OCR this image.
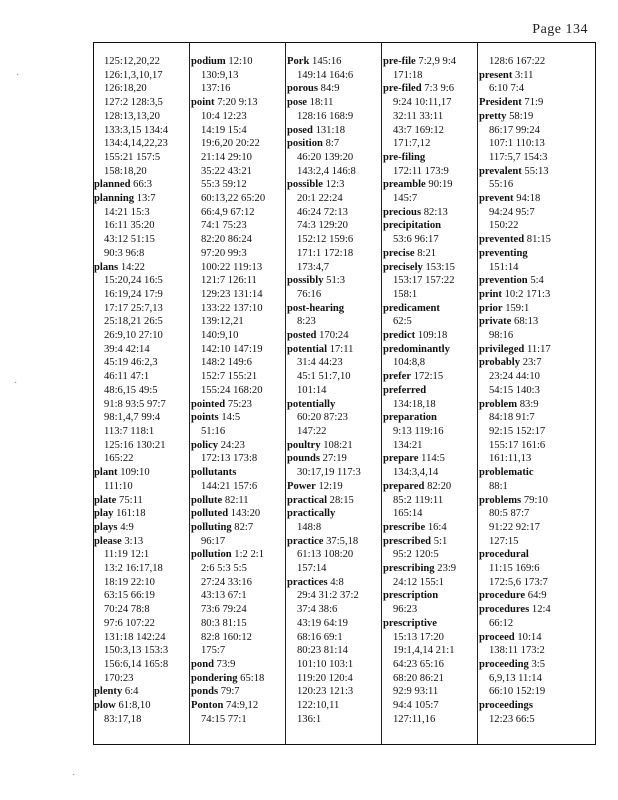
Page 134
·
·
·
125:12,20,22
126:1,3,10,17
126:18,20
127:2 128:3,5
128:13,13,20
133:3,15 134:4
134:4,14,22,23
155:21 157:5
158:18,20
planned 66:3
planning 13:7
14:21 15:3
16:11 35:20
43:12 51:15
90:3 96:8
plans 14:22
15:20,24 16:5
16:19,24 17:9
17:17 25:7,13
25:18,21 26:5
26:9,10 27:10
39:4 42:14
45:19 46:2,3
46:11 47:1
48:6,15 49:5
91:8 93:5 97:7
98:1,4,7 99:4
113:7 118:1
125:16 130:21
165:22
plant 109:10
111:10
plate 75:11
play 161:18
plays 4:9
please 3:13
11:19 12:1
13:2 16:17,18
18:19 22:10
63:15 66:19
70:24 78:8
97:6 107:22
131:18 142:24
150:3,13 153:3
156:6,14 165:8
170:23
plenty 6:4
plow 61:8,10
83:17,18
podium 12:10
130:9,13
137:16
point 7:20 9:13
10:4 12:23
14:19 15:4
19:6,20 20:22
21:14 29:10
35:22 43:21
55:3 59:12
60:13,22 65:20
66:4,9 67:12
74:1 75:23
82:20 86:24
97:20 99:3
100:22 119:13
121:7 126:11
129:23 131:14
133:22 137:10
139:12,21
140:9,10
142:10 147:19
148:2 149:6
152:7 155:21
155:24 168:20
pointed 75:23
points 14:5
51:16
policy 24:23
172:13 173:8
pollutants
144:21 157:6
pollute 82:11
polluted 143:20
polluting 82:7
96:17
pollution 1:2 2:1
2:6 5:3 5:5
27:24 33:16
43:13 67:1
73:6 79:24
80:3 81:15
82:8 160:12
175:7
pond 73:9
pondering 65:18
ponds 79:7
Ponton 74:9,12
74:15 77:1
Pork 145:16
149:14 164:6
porous 84:9
pose 18:11
128:16 168:9
posed 131:18
position 8:7
46:20 139:20
143:2,4 146:8
possible 12:3
20:1 22:24
46:24 72:13
74:3 129:20
152:12 159:6
171:1 172:18
173:4,7
possibly 51:3
76:16
post-hearing
8:23
posted 170:24
potential 17:11
31:4 44:23
45:1 51:7,10
101:14
potentially
60:20 87:23
147:22
poultry 108:21
pounds 27:19
30:17,19 117:3
Power 12:19
practical 28:15
practically
148:8
practice 37:5,18
61:13 108:20
157:14
practices 4:8
29:4 31:2 37:2
37:4 38:6
43:19 64:19
68:16 69:1
80:23 81:14
101:10 103:1
119:20 120:4
120:23 121:3
122:10,11
136:1
pre-file 7:2,9 9:4
171:18
pre-filed 7:3 9:6
9:24 10:11,17
32:11 33:11
43:7 169:12
171:7,12
pre-filing
172:11 173:9
preamble 90:19
145:7
precious 82:13
precipitation
53:6 96:17
precise 8:21
precisely 153:15
153:17 157:22
158:1
predicament
62:5
predict 109:18
predominantly
104:8,8
prefer 172:15
preferred
134:18,18
preparation
9:13 119:16
134:21
prepare 114:5
134:3,4,14
prepared 82:20
85:2 119:11
165:14
prescribe 16:4
prescribed 5:1
95:2 120:5
prescribing 23:9
24:12 155:1
prescription
96:23
prescriptive
15:13 17:20
19:1,4,14 21:1
64:23 65:16
68:20 86:21
92:9 93:11
94:4 105:7
127:11,16
128:6 167:22
present 3:11
6:10 7:4
President 71:9
pretty 58:19
86:17 99:24
107:1 110:13
117:5,7 154:3
prevalent 55:13
55:16
prevent 94:18
94:24 95:7
150:22
prevented 81:15
preventing
151:14
prevention 5:4
print 10:2 171:3
prior 159:1
private 68:13
98:16
privileged 11:17
probably 23:7
23:24 44:10
54:15 140:3
problem 83:9
84:18 91:7
92:15 152:17
155:17 161:6
161:11,13
problematic
88:1
problems 79:10
80:5 87:7
91:22 92:17
127:15
procedural
11:15 169:6
172:5,6 173:7
procedure 64:9
procedures 12:4
66:12
proceed 10:14
138:11 173:2
proceeding 3:5
6,9,13 11:14
66:10 152:19
proceedings
12:23 66:5
